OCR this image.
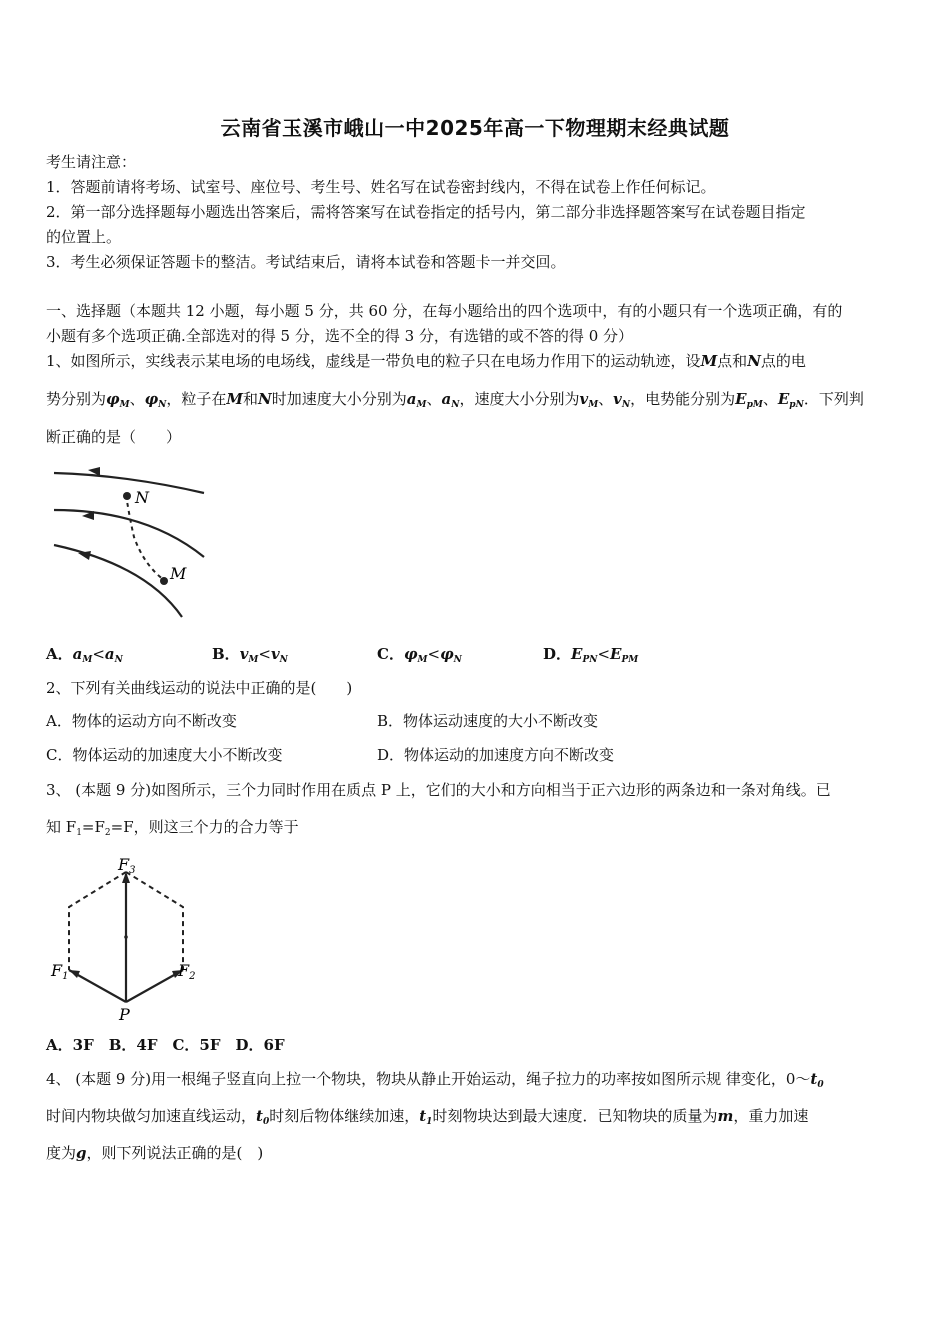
云南省玉溪市峨山一中2025年高一下物理期末经典试题
考生请注意：
1．答题前请将考场、试室号、座位号、考生号、姓名写在试卷密封线内，不得在试卷上作任何标记。
2．第一部分选择题每小题选出答案后，需将答案写在试卷指定的括号内，第二部分非选择题答案写在试卷题目指定
的位置上。
3．考生必须保证答题卡的整洁。考试结束后，请将本试卷和答题卡一并交回。
一、选择题（本题共 12 小题，每小题 5 分，共 60 分，在每小题给出的四个选项中，有的小题只有一个选项正确，有的
小题有多个选项正确.全部选对的得 5 分，选不全的得 3 分，有选错的或不答的得 0 分）
1、如图所示，实线表示某电场的电场线，虚线是一带负电的粒子只在电场力作用下的运动轨迹，设M点和N点的电
势分别为$\varphi_M$、$\varphi_N$，粒子在M和N时加速度大小分别为$a_M$、$a_N$，速度大小分别为$v_M$、$v_N$，电势能分别为$E_{pM}$、$E_{pN}$．下列判
断正确的是（　　）
N
M
A．$a_M<a_N$	B．$v_M<v_N$	C．$\varphi_M<\varphi_N$	D．$E_{PN}<E_{PM}$
2、下列有关曲线运动的说法中正确的是(　　)
A．物体的运动方向不断改变	B．物体运动速度的大小不断改变
C．物体运动的加速度大小不断改变	D．物体运动的加速度方向不断改变
3、 (本题 9 分)如图所示，三个力同时作用在质点 P 上，它们的大小和方向相当于正六边形的两条边和一条对角线。已
知 $F_1=F_2=F$，则这三个力的合力等于
F3
F1	F2
P
A．3F　B．4F　C．5F　D．6F
4、 (本题 9 分)用一根绳子竖直向上拉一个物块，物块从静止开始运动，绳子拉力的功率按如图所示规 律变化，$0\sim t_0$
时间内物块做匀加速直线运动，$t_0$时刻后物体继续加速，$t_1$时刻物块达到最大速度．已知物块的质量为m，重力加速
度为g，则下列说法正确的是(　)
